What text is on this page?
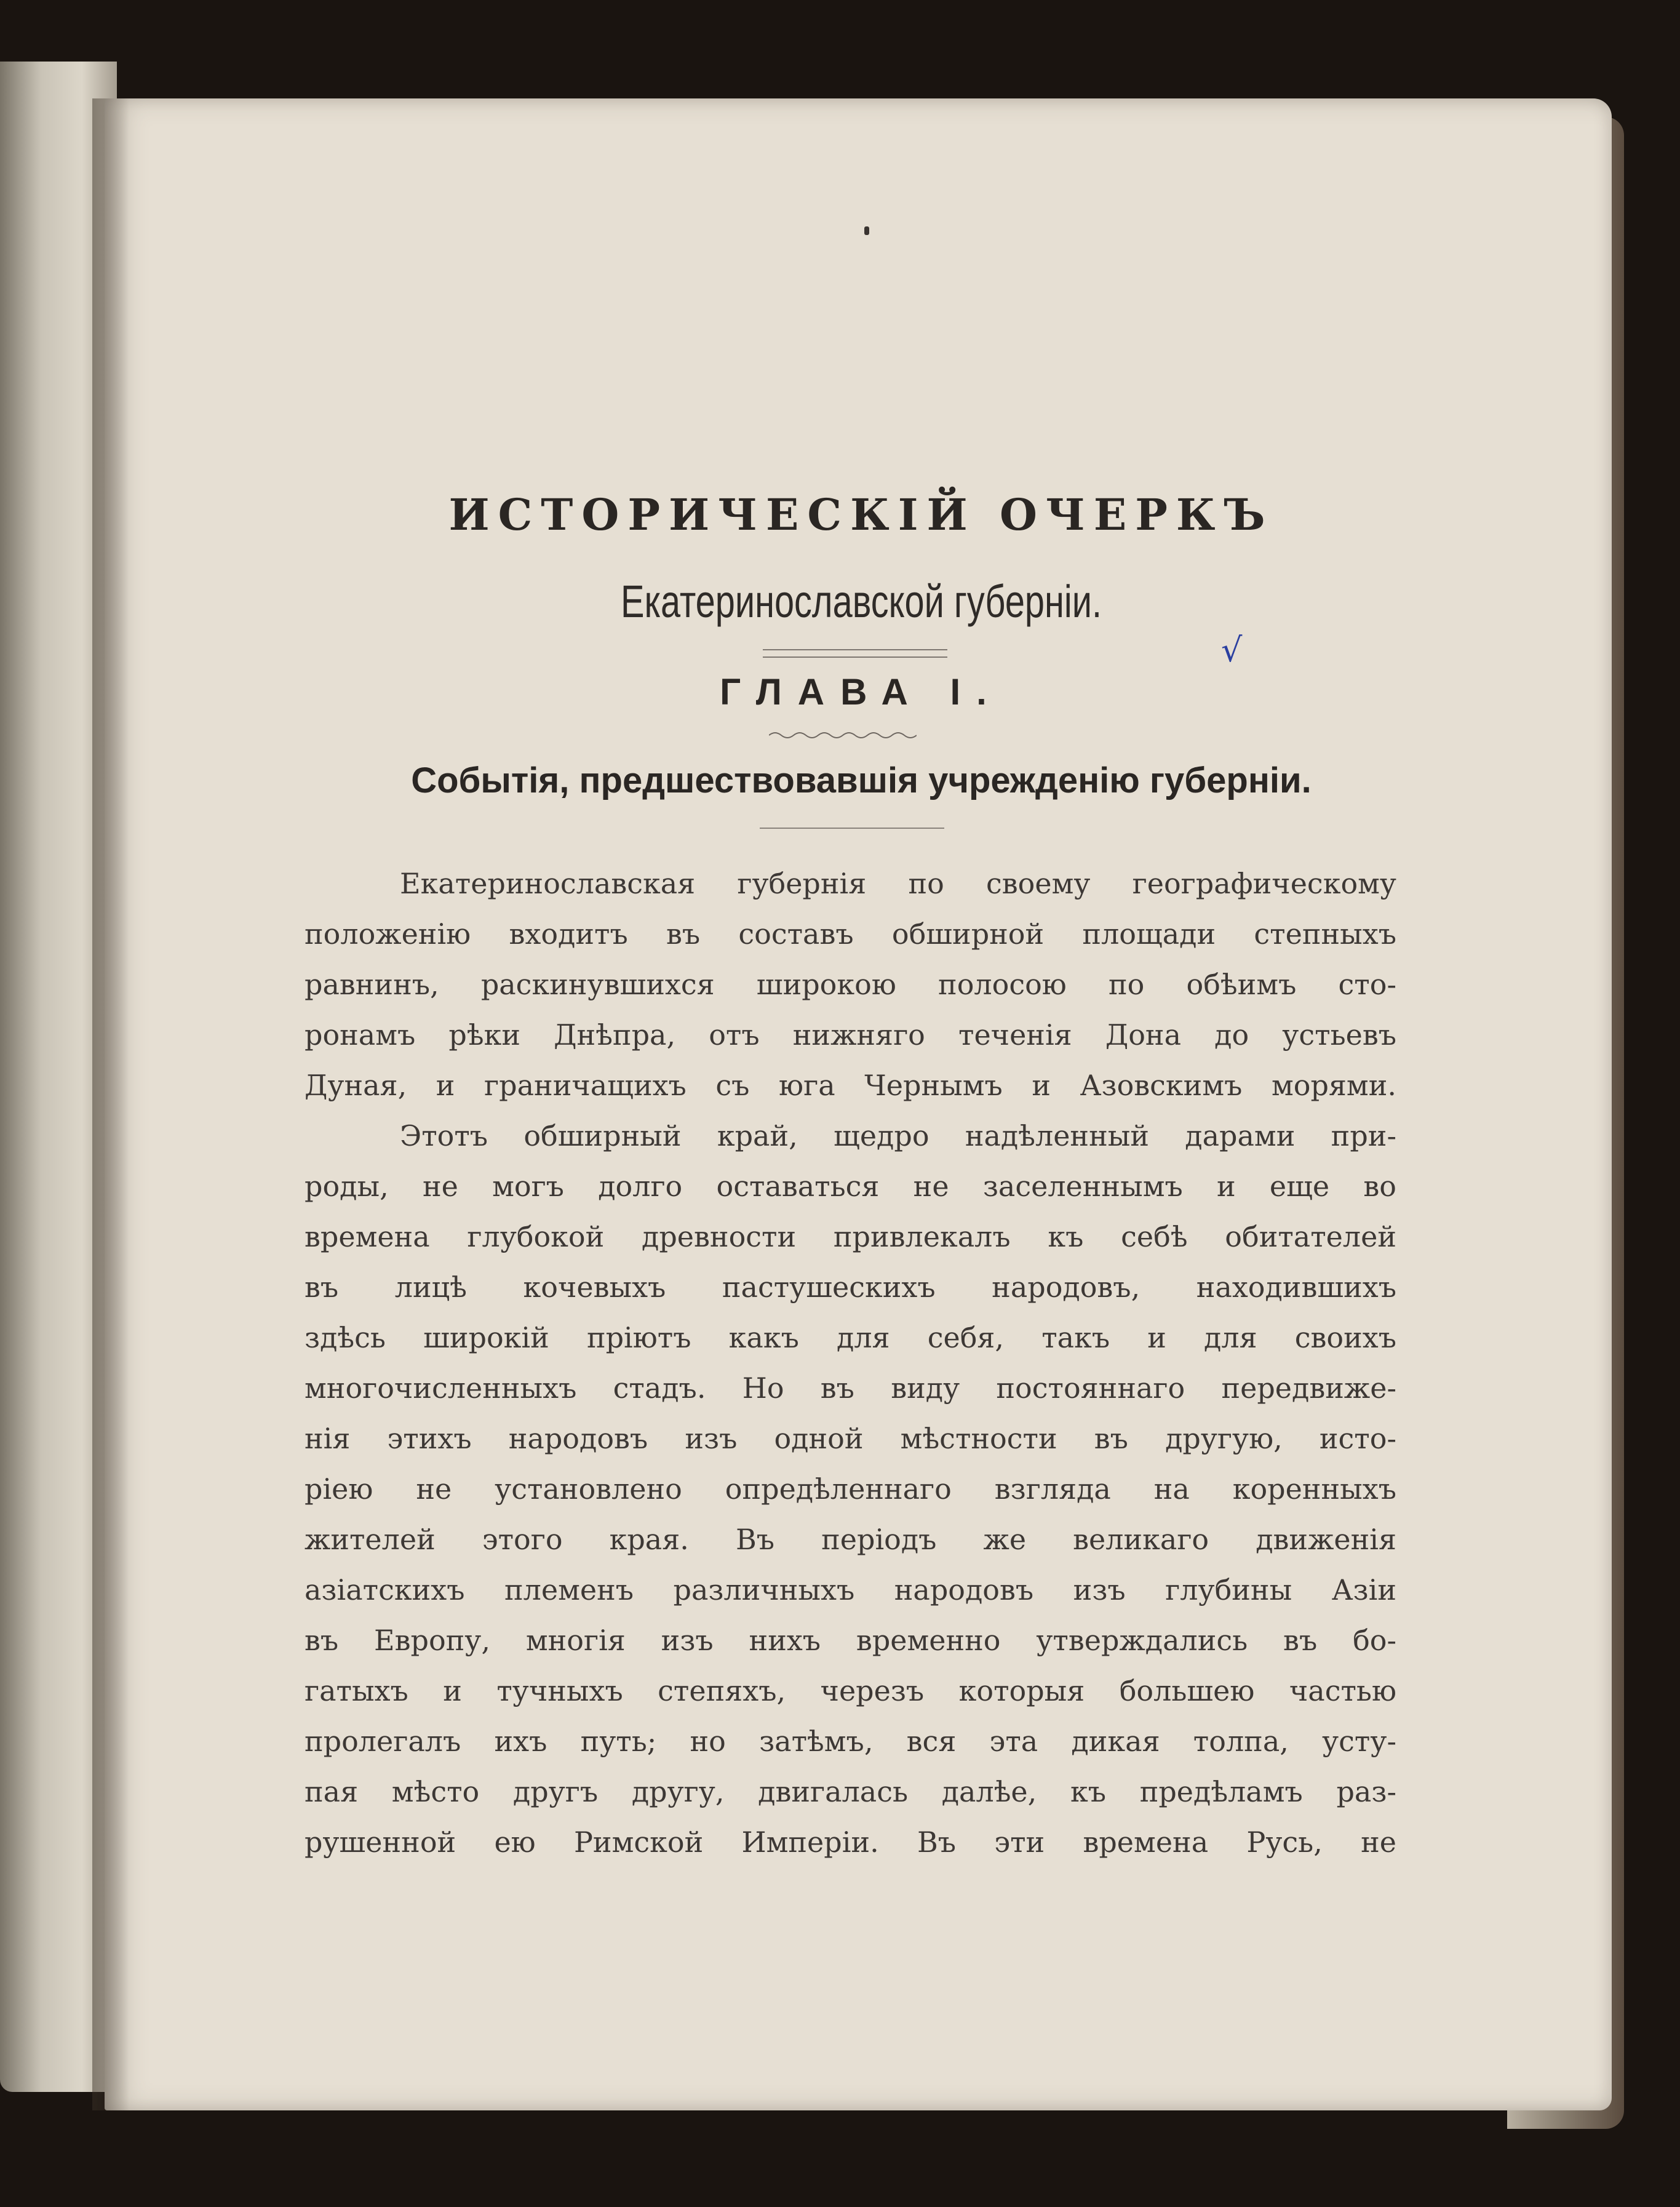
ИСТОРИЧЕСКІЙ ОЧЕРКЪ
Екатеринославской губерніи.
√
ГЛАВА І.
Событія, предшествовавшія учрежденію губерніи.
Екатеринославская губернія по своему географическому
положенію входитъ въ составъ обширной площади степныхъ
равнинъ, раскинувшихся широкою полосою по обѣимъ сто-
ронамъ рѣки Днѣпра, отъ нижняго теченія Дона до устьевъ
Дуная, и граничащихъ съ юга Чернымъ и Азовскимъ морями.
Этотъ обширный край, щедро надѣленный дарами при-
роды, не могъ долго оставаться не заселеннымъ и еще во
времена глубокой древности привлекалъ къ себѣ обитателей
въ лицѣ кочевыхъ пастушескихъ народовъ, находившихъ
здѣсь широкій пріютъ какъ для себя, такъ и для своихъ
многочисленныхъ стадъ. Но въ виду постояннаго передвиже-
нія этихъ народовъ изъ одной мѣстности въ другую, исто-
ріею не установлено опредѣленнаго взгляда на коренныхъ
жителей этого края. Въ періодъ же великаго движенія
азіатскихъ племенъ различныхъ народовъ изъ глубины Азіи
въ Европу, многія изъ нихъ временно утверждались въ бо-
гатыхъ и тучныхъ степяхъ, черезъ которыя большею частью
пролегалъ ихъ путь; но затѣмъ, вся эта дикая толпа, усту-
пая мѣсто другъ другу, двигалась далѣе, къ предѣламъ раз-
рушенной ею Римской Имперіи. Въ эти времена Русь, не
